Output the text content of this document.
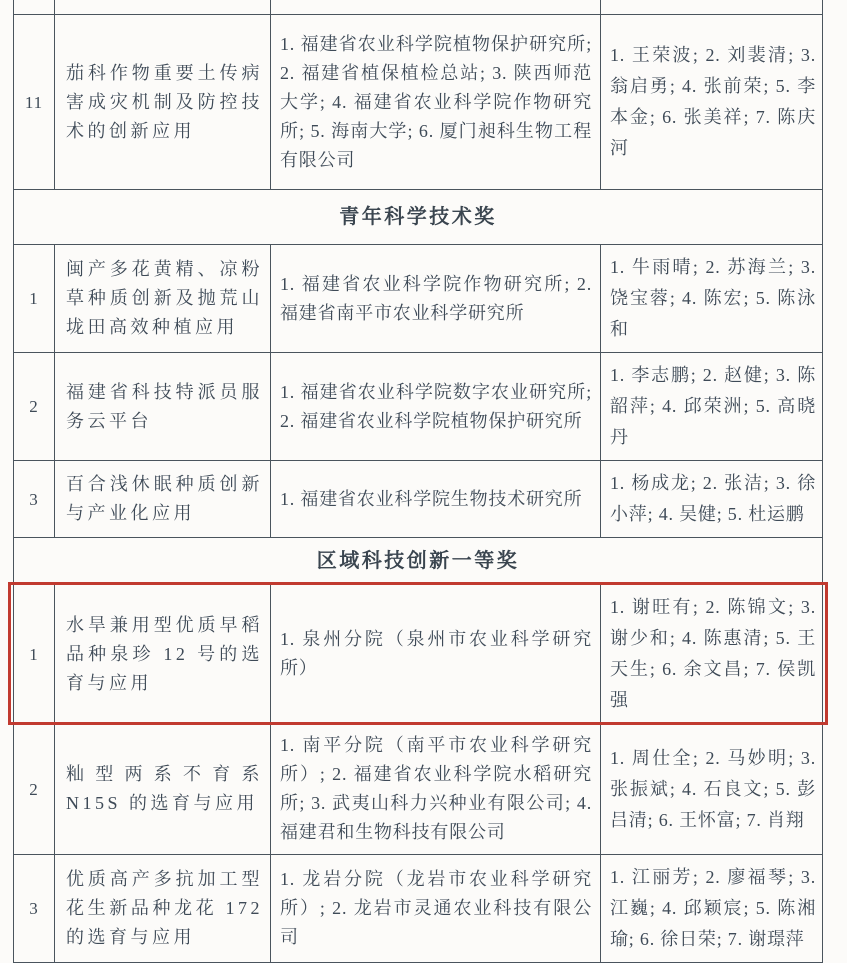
11
茄科作物重要土传病害成灾机制及防控技术的创新应用
1. 福建省农业科学院植物保护研究所; 2. 福建省植保植检总站; 3. 陕西师范大学; 4. 福建省农业科学院作物研究所; 5. 海南大学; 6. 厦门昶科生物工程有限公司
1. 王荣波; 2. 刘裴清; 3. 翁启勇; 4. 张前荣; 5. 李本金; 6. 张美祥; 7. 陈庆河
青年科学技术奖
1
闽产多花黄精、凉粉草种质创新及抛荒山垅田高效种植应用
1. 福建省农业科学院作物研究所; 2. 福建省南平市农业科学研究所
1. 牛雨晴; 2. 苏海兰; 3. 饶宝蓉; 4. 陈宏; 5. 陈泳和
2
福建省科技特派员服务云平台
1. 福建省农业科学院数字农业研究所; 2. 福建省农业科学院植物保护研究所
1. 李志鹏; 2. 赵健; 3. 陈韶萍; 4. 邱荣洲; 5. 高晓丹
3
百合浅休眠种质创新与产业化应用
1. 福建省农业科学院生物技术研究所
1. 杨成龙; 2. 张洁; 3. 徐小萍; 4. 吴健; 5. 杜运鹏
区域科技创新一等奖
1
水旱兼用型优质早稻品种泉珍 12 号的选育与应用
1. 泉州分院（泉州市农业科学研究所）
1. 谢旺有; 2. 陈锦文; 3. 谢少和; 4. 陈惠清; 5. 王天生; 6. 余文昌; 7. 侯凯强
2
籼型两系不育系 N15S 的选育与应用
1. 南平分院（南平市农业科学研究所）; 2. 福建省农业科学院水稻研究所; 3. 武夷山科力兴种业有限公司; 4. 福建君和生物科技有限公司
1. 周仕全; 2. 马妙明; 3. 张振斌; 4. 石良文; 5. 彭吕清; 6. 王怀富; 7. 肖翔
3
优质高产多抗加工型花生新品种龙花 172 的选育与应用
1. 龙岩分院（龙岩市农业科学研究所）; 2. 龙岩市灵通农业科技有限公司
1. 江丽芳; 2. 廖福琴; 3. 江巍; 4. 邱颖宸; 5. 陈湘瑜; 6. 徐日荣; 7. 谢璟萍
